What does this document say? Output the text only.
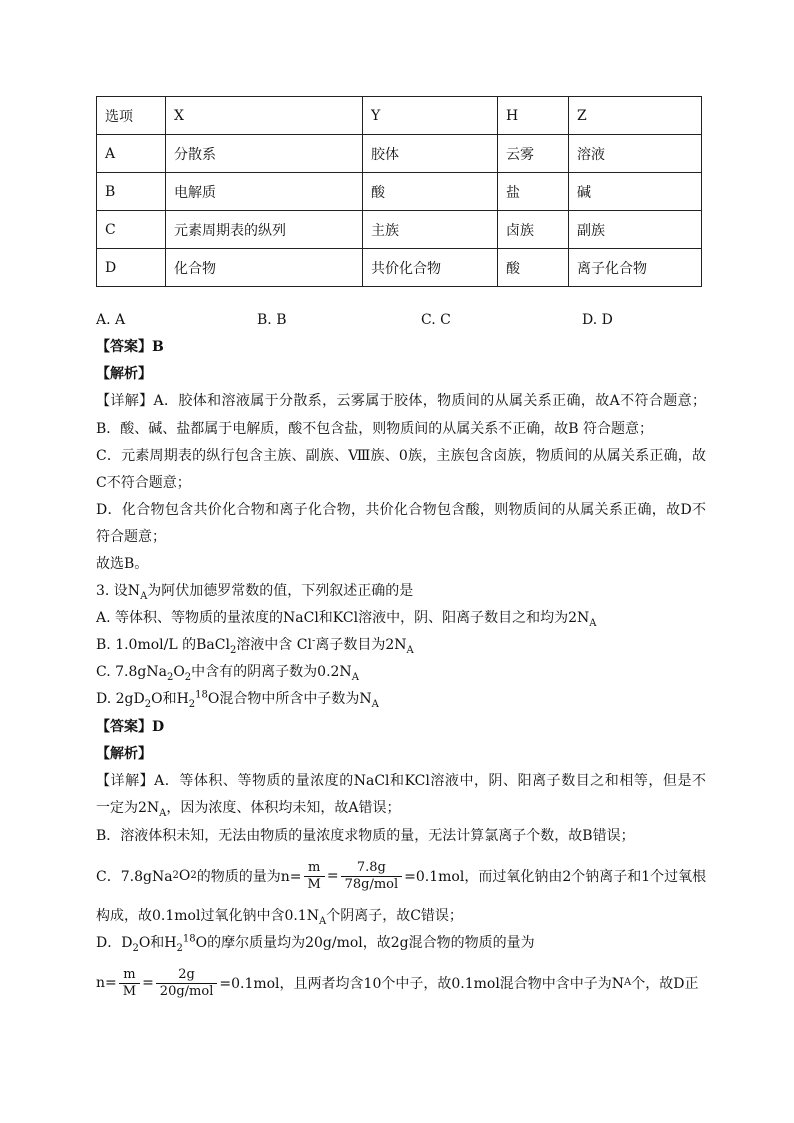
选项	X	Y	H	Z
A	分散系	胶体	云雾	溶液
B	电解质	酸	盐	碱
C	元素周期表的纵列	主族	卤族	副族
D	化合物	共价化合物	酸	离子化合物
A. A	B. B	C. C	D. D
【答案】B
【解析】
【详解】A．胶体和溶液属于分散系，云雾属于胶体，物质间的从属关系正确，故A不符合题意；
B．酸、碱、盐都属于电解质，酸不包含盐，则物质间的从属关系不正确，故B 符合题意；
C．元素周期表的纵行包含主族、副族、Ⅷ族、0族，主族包含卤族，物质间的从属关系正确，故
C不符合题意；
D．化合物包含共价化合物和离子化合物，共价化合物包含酸，则物质间的从属关系正确，故D不
符合题意；
故选B。
3. 设$N_A$为阿伏加德罗常数的值，下列叙述正确的是
A. 等体积、等物质的量浓度的NaCl和KCl溶液中，阴、阳离子数目之和均为$2N_A$
B. 1.0mol/L 的BaCl$_2$溶液中含 Cl-离子数目为$2N_A$
C. $7.8gNa_2O_2$中含有的阴离子数为$0.2N_A$
D. $2gD_2O$和$H_2^{18}O$混合物中所含中子数为$N_A$
【答案】D
【解析】
【详解】A．等体积、等物质的量浓度的NaCl和KCl溶液中，阴、阳离子数目之和相等，但是不
一定为$2N_A$，因为浓度、体积均未知，故A错误；
B．溶液体积未知，无法由物质的量浓度求物质的量，无法计算氯离子个数，故B错误；
C．7.8gNa 2 O 2 的物质的量为$n= \frac{m}{M} = \frac{7.8g}{\text{78g/mol}} =0.1mol$，而过氧化钠由2个钠离子和1个过氧根
构成，故0.1mol过氧化钠中含$0.1N_A$个阴离子，故C错误；
D．$D_2O$和$H_2^{18}O$的摩尔质量均为20g/mol，故2g混合物的物质的量为
$n= \frac{m}{M} = \frac{2g}{\text{20g/mol}} =0.1mol$，且两者均含10个中子，故0.1mol混合物中含中子为N A 个，故D正
